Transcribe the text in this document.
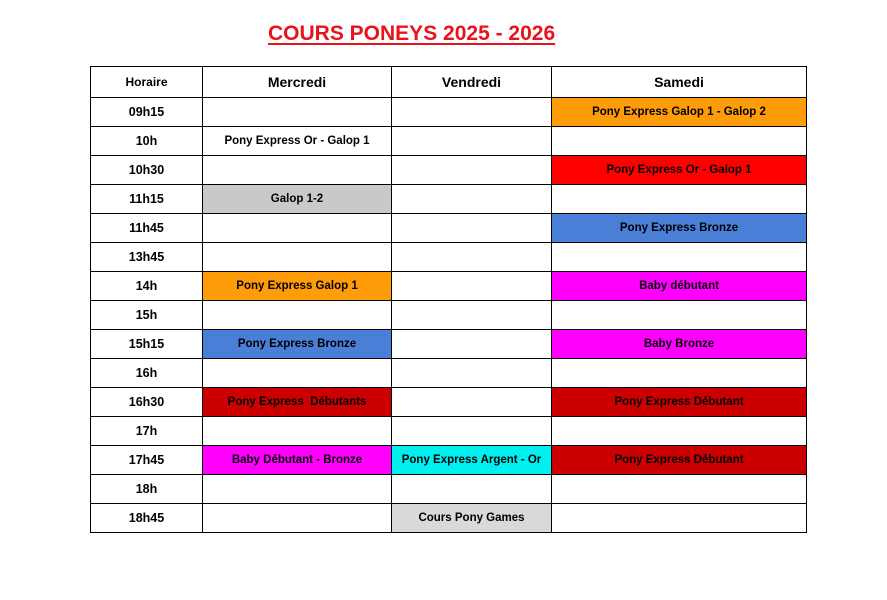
COURS PONEYS 2025 - 2026
Horaire	Mercredi	Vendredi	Samedi
09h15			Pony Express Galop 1 - Galop 2
10h	Pony Express Or - Galop 1		
10h30			Pony Express Or - Galop 1
11h15	Galop 1-2		
11h45			Pony Express Bronze
13h45			
14h	Pony Express Galop 1		Baby débutant
15h			
15h15	Pony Express Bronze		Baby Bronze
16h			
16h30	Pony Express  Débutants		Pony Express Débutant
17h			
17h45	Baby Débutant - Bronze	Pony Express Argent - Or	Pony Express Débutant
18h			
18h45		Cours Pony Games	
